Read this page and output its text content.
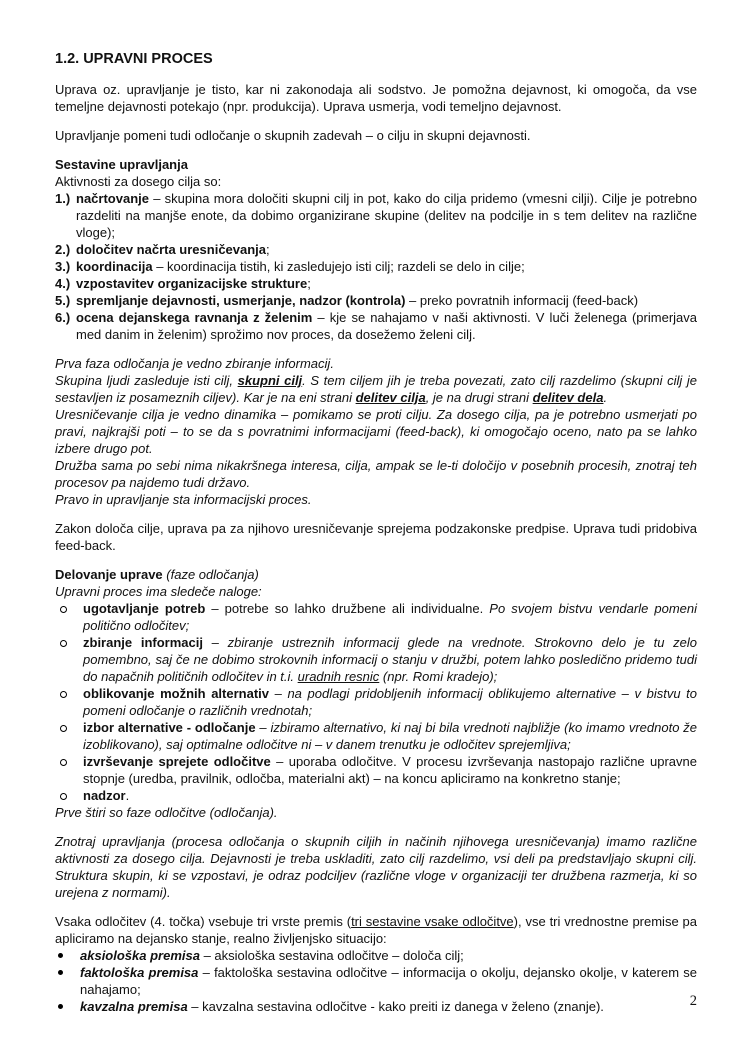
1.2. UPRAVNI PROCES
Uprava oz. upravljanje je tisto, kar ni zakonodaja ali sodstvo. Je pomožna dejavnost, ki omogoča, da vse temeljne dejavnosti potekajo (npr. produkcija). Uprava usmerja, vodi temeljno dejavnost.
Upravljanje pomeni tudi odločanje o skupnih zadevah – o cilju in skupni dejavnosti.
Sestavine upravljanja
Aktivnosti za dosego cilja so:
1.) načrtovanje – skupina mora določiti skupni cilj in pot, kako do cilja pridemo (vmesni cilji). Cilje je potrebno razdeliti na manjše enote, da dobimo organizirane skupine (delitev na podcilje in s tem delitev na različne vloge);
2.) določitev načrta uresničevanja;
3.) koordinacija – koordinacija tistih, ki zasledujejo isti cilj; razdeli se delo in cilje;
4.) vzpostavitev organizacijske strukture;
5.) spremljanje dejavnosti, usmerjanje, nadzor (kontrola) – preko povratnih informacij (feed-back)
6.) ocena dejanskega ravnanja z želenim – kje se nahajamo v naši aktivnosti. V luči želenega (primerjava med danim in želenim) sprožimo nov proces, da dosežemo želeni cilj.
Prva faza odločanja je vedno zbiranje informacij.
Skupina ljudi zasleduje isti cilj, skupni cilj. S tem ciljem jih je treba povezati, zato cilj razdelimo (skupni cilj je sestavljen iz posameznih ciljev). Kar je na eni strani delitev cilja, je na drugi strani delitev dela.
Uresničevanje cilja je vedno dinamika – pomikamo se proti cilju. Za dosego cilja, pa je potrebno usmerjati po pravi, najkrajši poti – to se da s povratnimi informacijami (feed-back), ki omogočajo oceno, nato pa se lahko izbere drugo pot.
Družba sama po sebi nima nikakršnega interesa, cilja, ampak se le-ti določijo v posebnih procesih, znotraj teh procesov pa najdemo tudi državo.
Pravo in upravljanje sta informacijski proces.
Zakon določa cilje, uprava pa za njihovo uresničevanje sprejema podzakonske predpise. Uprava tudi pridobiva feed-back.
Delovanje uprave (faze odločanja)
Upravni proces ima sledeče naloge:
ugotavljanje potreb – potrebe so lahko družbene ali individualne. Po svojem bistvu vendarle pomeni politično odločitev;
zbiranje informacij – zbiranje ustreznih informacij glede na vrednote. Strokovno delo je tu zelo pomembno, saj če ne dobimo strokovnih informacij o stanju v družbi, potem lahko posledično pridemo tudi do napačnih političnih odločitev in t.i. uradnih resnic (npr. Romi kradejo);
oblikovanje možnih alternativ – na podlagi pridobljenih informacij oblikujemo alternative – v bistvu to pomeni odločanje o različnih vrednotah;
izbor alternative - odločanje – izbiramo alternativo, ki naj bi bila vrednoti najbližje (ko imamo vrednoto že izoblikovano), saj optimalne odločitve ni – v danem trenutku je odločitev sprejemljiva;
izvrševanje sprejete odločitve – uporaba odločitve. V procesu izvrševanja nastopajo različne upravne stopnje (uredba, pravilnik, odločba, materialni akt) – na koncu apliciramo na konkretno stanje;
nadzor.
Prve štiri so faze odločitve (odločanja).
Znotraj upravljanja (procesa odločanja o skupnih ciljih in načinih njihovega uresničevanja) imamo različne aktivnosti za dosego cilja. Dejavnosti je treba uskladiti, zato cilj razdelimo, vsi deli pa predstavljajo skupni cilj. Struktura skupin, ki se vzpostavi, je odraz podciljev (različne vloge v organizaciji ter družbena razmerja, ki so urejena z normami).
Vsaka odločitev (4. točka) vsebuje tri vrste premis (tri sestavine vsake odločitve), vse tri vrednostne premise pa apliciramo na dejansko stanje, realno življenjsko situacijo:
aksiološka premisa – aksiološka sestavina odločitve – določa cilj;
faktološka premisa – faktološka sestavina odločitve – informacija o okolju, dejansko okolje, v katerem se nahajamo;
kavzalna premisa – kavzalna sestavina odločitve - kako preiti iz danega v želeno (znanje).	2
